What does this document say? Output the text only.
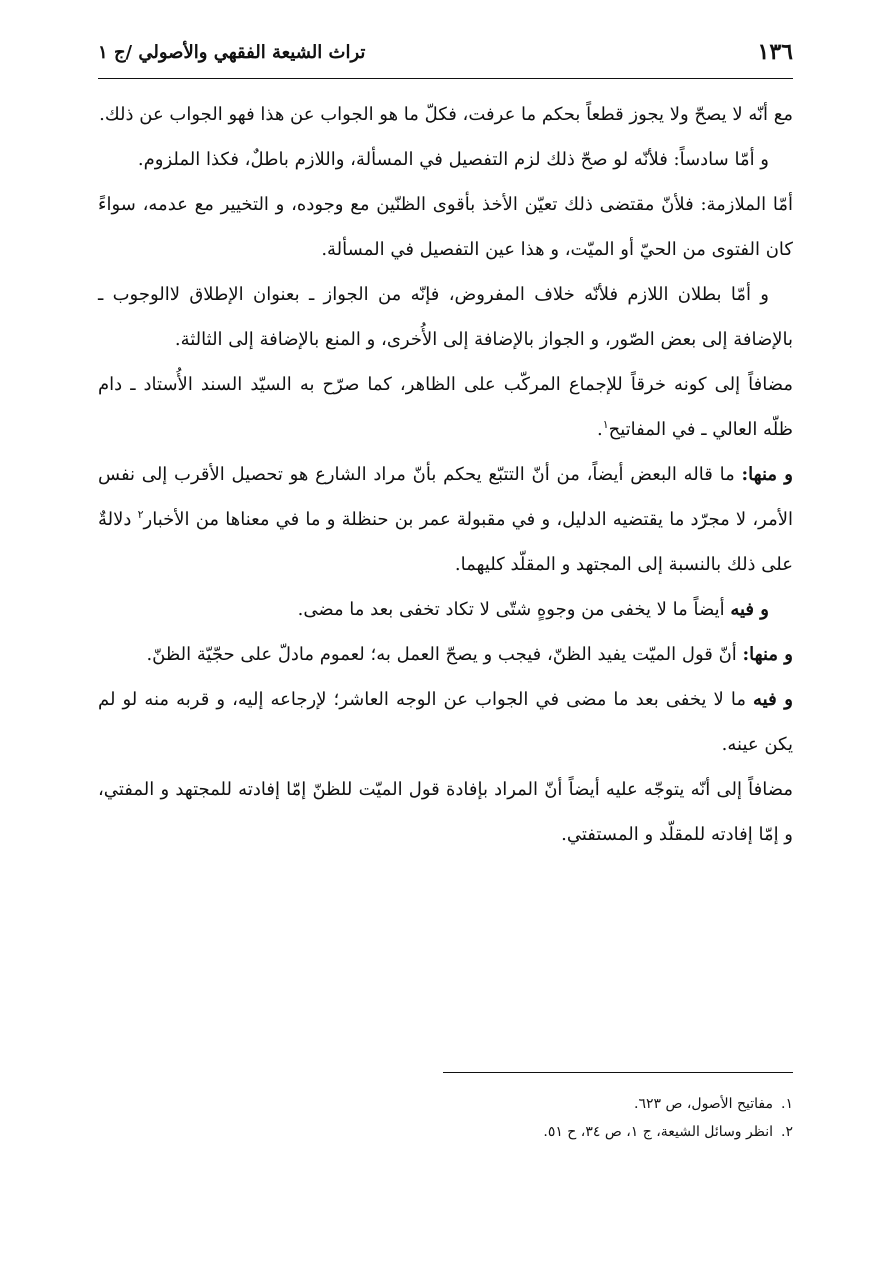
١٣٦
تراث الشيعة الفقهي والأصولي /ج ١

مع أنّه لا يصحّ ولا يجوز قطعاً بحكم ما عرفت، فكلّ ما هو الجواب عن هذا فهو الجواب عن ذلك.

و أمّا سادساً: فلأنّه لو صحّ ذلك لزم التفصيل في المسألة، واللازم باطلٌ، فكذا الملزوم.

أمّا الملازمة: فلأنّ مقتضى ذلك تعيّن الأخذ بأقوى الظنّين مع وجوده، و التخيير مع عدمه، سواءً كان الفتوى من الحيّ أو الميّت، و هذا عين التفصيل في المسألة.

و أمّا بطلان اللازم فلأنّه خلاف المفروض، فإنّه من الجواز ـ بعنوان الإطلاق لاالوجوب ـ بالإضافة إلى بعض الصّور، و الجواز بالإضافة إلى الأُخرى، و المنع بالإضافة إلى الثالثة.

مضافاً إلى كونه خرقاً للإجماع المركّب على الظاهر، كما صرّح به السيّد السند الأُستاد ـ دام ظلّه العالي ـ في المفاتيح$^١$.

و منها: ما قاله البعض أيضاً، من أنّ التتبّع يحكم بأنّ مراد الشارع هو تحصيل الأقرب إلى نفس الأمر، لا مجرّد ما يقتضيه الدليل، و في مقبولة عمر بن حنظلة و ما في معناها من الأخبار$^٢$ دلالةٌ على ذلك بالنسبة إلى المجتهد و المقلّد كليهما.

و فيه أيضاً ما لا يخفى من وجوهٍ شتّى لا تكاد تخفى بعد ما مضى.

و منها: أنّ قول الميّت يفيد الظنّ، فيجب و يصحّ العمل به؛ لعموم مادلّ على حجّيّة الظنّ.

و فيه ما لا يخفى بعد ما مضى في الجواب عن الوجه العاشر؛ لإرجاعه إليه، و قربه منه لو لم يكن عينه.

مضافاً إلى أنّه يتوجّه عليه أيضاً أنّ المراد بإفادة قول الميّت للظنّ إمّا إفادته للمجتهد و المفتي، و إمّا إفادته للمقلّد و المستفتي.

١.
مفاتيح الأصول، ص ٦٢٣.
٢.
انظر وسائل الشيعة، ج ١، ص ٣٤، ح ٥١.
